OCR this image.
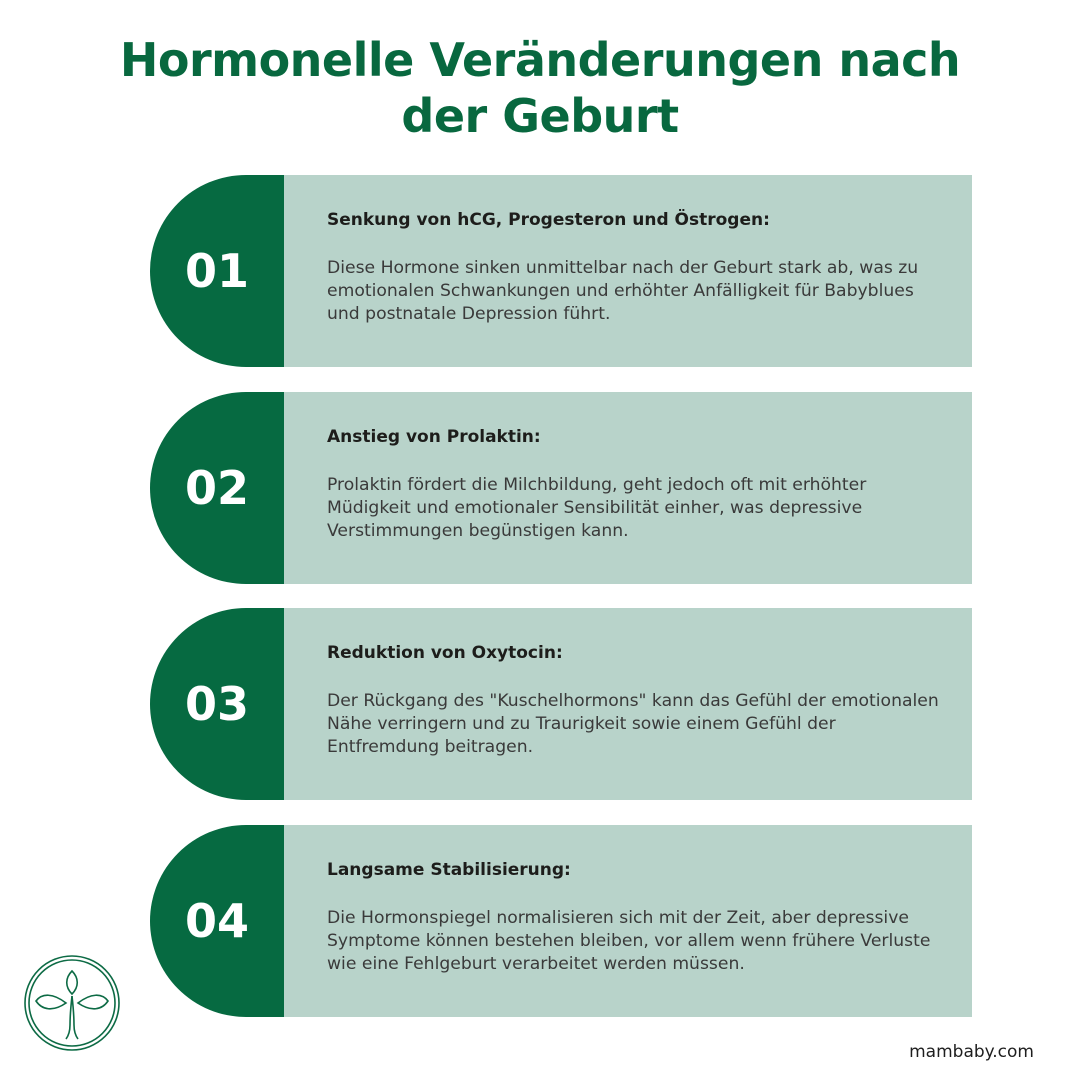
Hormonelle Veränderungen nach
der Geburt
01
Senkung von hCG, Progesteron und Östrogen:
Diese Hormone sinken unmittelbar nach der Geburt stark ab, was zu emotionalen Schwankungen und erhöhter Anfälligkeit für Babyblues und postnatale Depression führt.
02
Anstieg von Prolaktin:
Prolaktin fördert die Milchbildung, geht jedoch oft mit erhöhter Müdigkeit und emotionaler Sensibilität einher, was depressive Verstimmungen begünstigen kann.
03
Reduktion von Oxytocin:
Der Rückgang des "Kuschelhormons" kann das Gefühl der emotionalen Nähe verringern und zu Traurigkeit sowie einem Gefühl der Entfremdung beitragen.
04
Langsame Stabilisierung:
Die Hormonspiegel normalisieren sich mit der Zeit, aber depressive Symptome können bestehen bleiben, vor allem wenn frühere Verluste wie eine Fehlgeburt verarbeitet werden müssen.
mambaby.com
